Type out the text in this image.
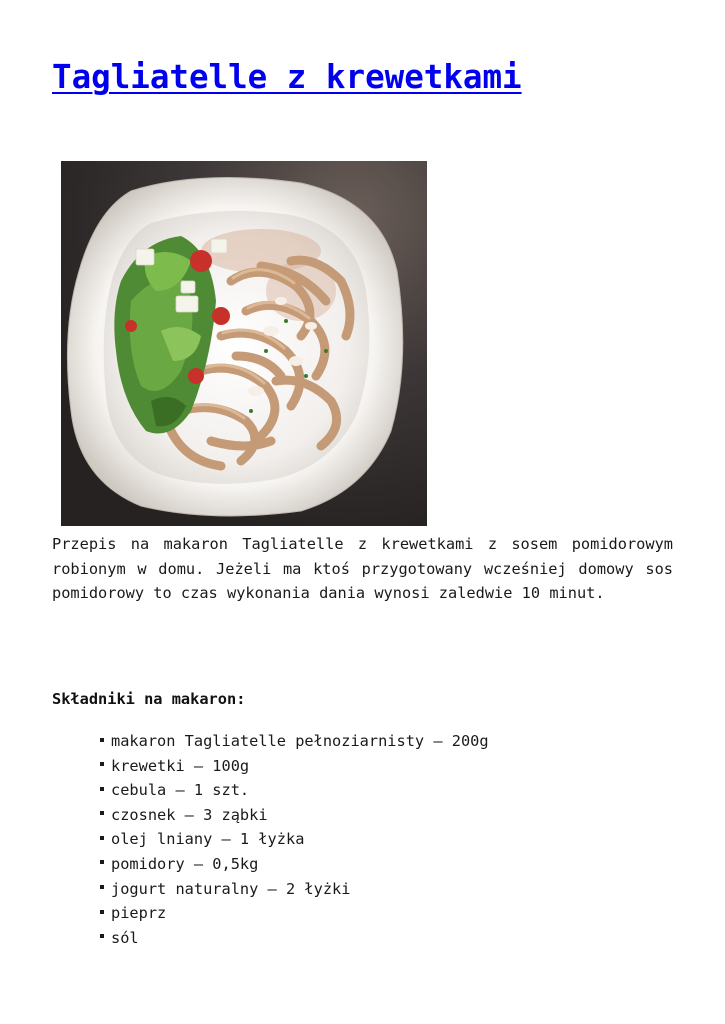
Tagliatelle z krewetkami

Przepis na makaron Tagliatelle z krewetkami z sosem pomidorowym robionym w domu. Jeżeli ma ktoś przygotowany wcześniej domowy sos pomidorowy to czas wykonania dania wynosi zaledwie 10 minut.

Składniki na makaron:
makaron Tagliatelle pełnoziarnisty – 200g
krewetki – 100g
cebula – 1 szt.
czosnek – 3 ząbki
olej lniany – 1 łyżka
pomidory – 0,5kg
jogurt naturalny – 2 łyżki
pieprz
sól
